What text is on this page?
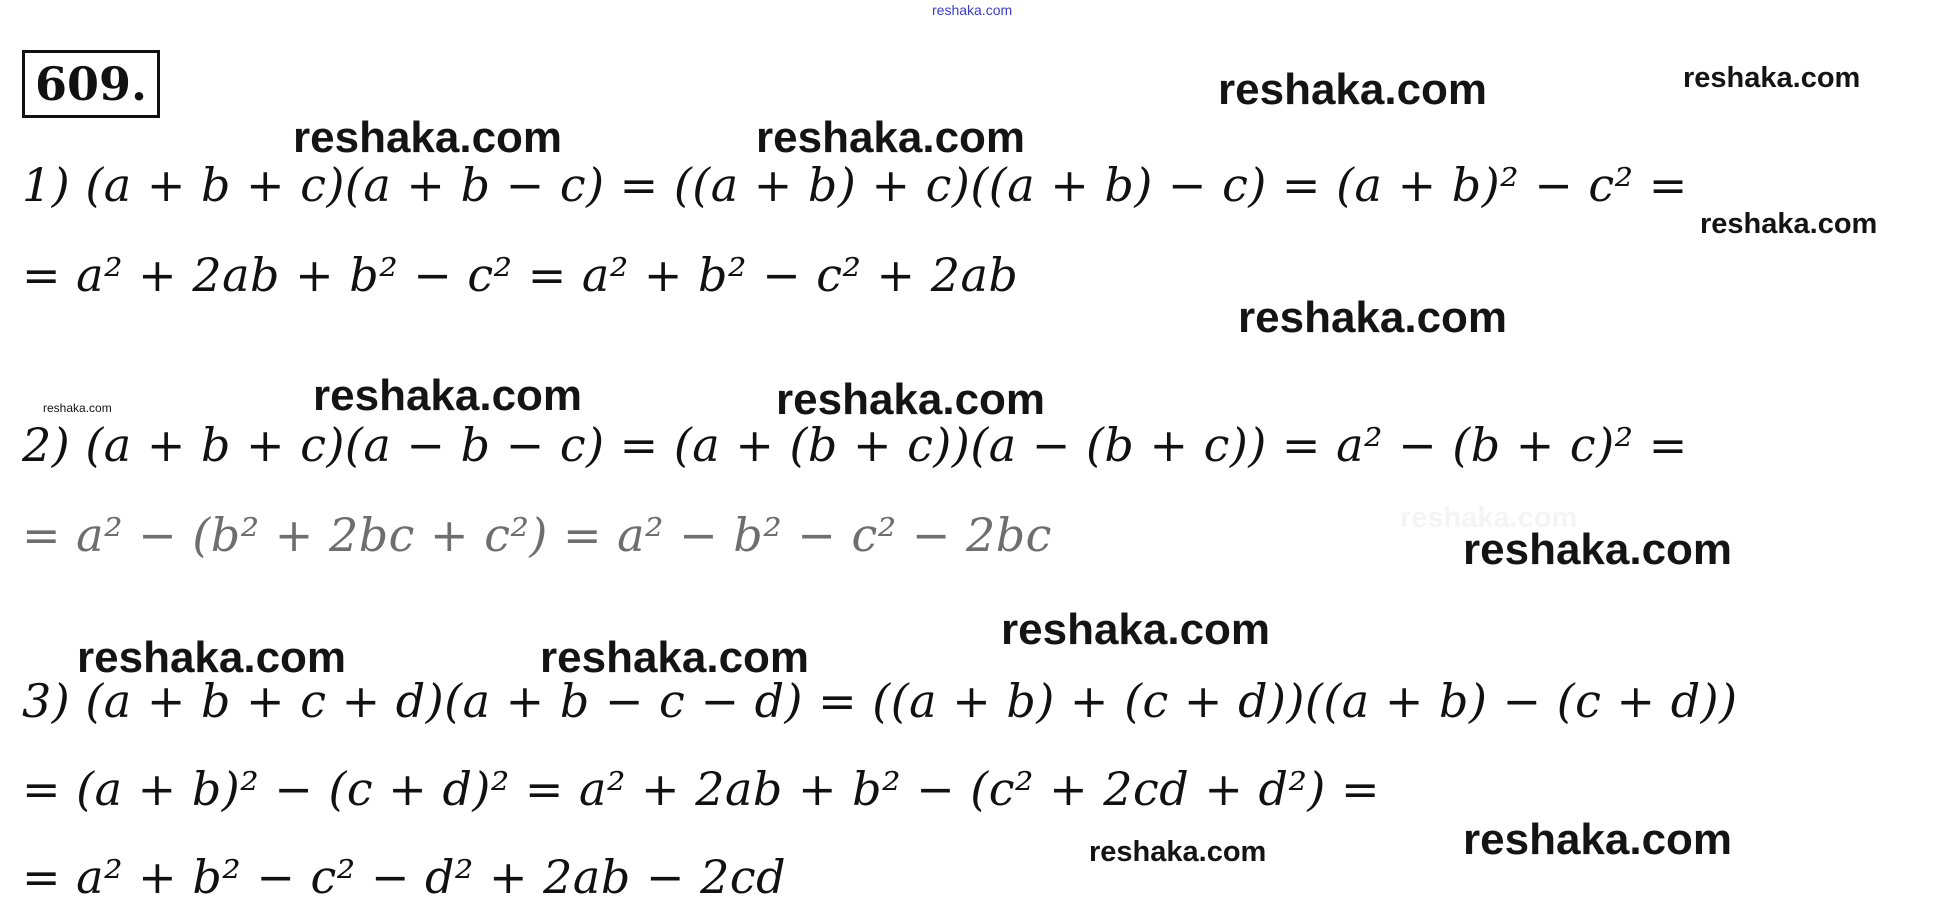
reshaka.com
609.
1) (a + b + c)(a + b − c) = ((a + b) + c)((a + b) − c) = (a + b)² − c² =
= a² + 2ab + b² − c² = a² + b² − c² + 2ab
2) (a + b + c)(a − b − c) = (a + (b + c))(a − (b + c)) = a² − (b + c)² =
= a² − (b² + 2bc + c²) = a² − b² − c² − 2bc
3) (a + b + c + d)(a + b − c − d) = ((a + b) + (c + d))((a + b) − (c + d))
= (a + b)² − (c + d)² = a² + 2ab + b² − (c² + 2cd + d²) =
= a² + b² − c² − d² + 2ab − 2cd
reshaka.com	reshaka.com
reshaka.com	reshaka.com
reshaka.com
reshaka.com
reshaka.com	reshaka.com	reshaka.com
reshaka.com
reshaka.com
reshaka.com	reshaka.com
reshaka.com	reshaka.com
reshaka.com
